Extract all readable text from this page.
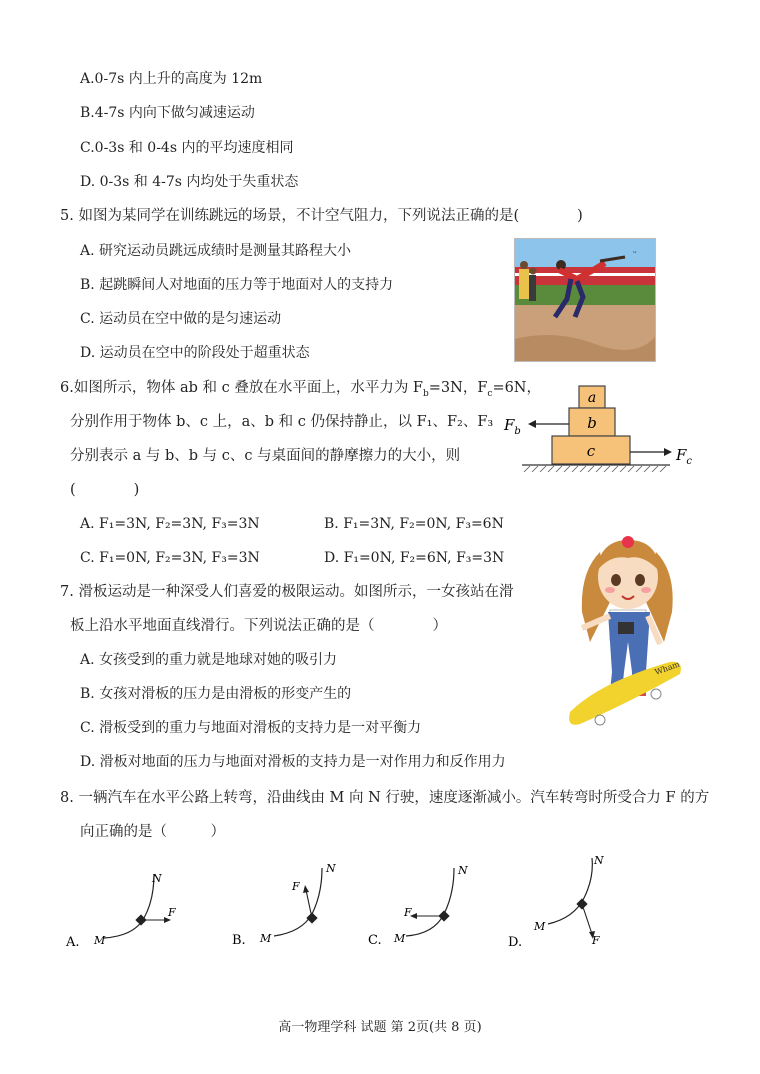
A.0-7s 内上升的高度为 12m
B.4-7s 内向下做匀减速运动
C.0-3s 和 0-4s 内的平均速度相同
D. 0-3s 和 4-7s 内均处于失重状态
5. 如图为某同学在训练跳远的场景，不计空气阻力，下列说法正确的是(　　　　)
A. 研究运动员跳远成绩时是测量其路程大小
B. 起跳瞬间人对地面的压力等于地面对人的支持力
C. 运动员在空中做的是匀速运动
D. 运动员在空中的阶段处于超重状态
ᴗ
6.如图所示，物体 ab 和 c 叠放在水平面上，水平力为 $F_b=3N$，$F_c=6N$，
分别作用于物体 b、c 上，a、b 和 c 仍保持静止，以 F₁、F₂、F₃
分别表示 a 与 b、b 与 c、c 与桌面间的静摩擦力的大小，则
(　　　　)
A. F₁=3N, F₂=3N, F₃=3N	B. F₁=3N, F₂=0N, F₃=6N
C. F₁=0N, F₂=3N, F₃=3N	D. F₁=0N, F₂=6N, F₃=3N
a
b
c
$F_b$
$F_c$
7. 滑板运动是一种深受人们喜爱的极限运动。如图所示，一女孩站在滑
板上沿水平地面直线滑行。下列说法正确的是（　　　　）
A. 女孩受到的重力就是地球对她的吸引力
B. 女孩对滑板的压力是由滑板的形变产生的
C. 滑板受到的重力与地面对滑板的支持力是一对平衡力
D. 滑板对地面的压力与地面对滑板的支持力是一对作用力和反作用力
Wham
8. 一辆汽车在水平公路上转弯，沿曲线由 M 向 N 行驶，速度逐渐减小。汽车转弯时所受合力 F 的方
向正确的是（　　　）
A. M
N
F
B. M
N
F
C. M
N
F
D.
M
N
F
高一物理学科 试题 第 2页(共 8 页)
